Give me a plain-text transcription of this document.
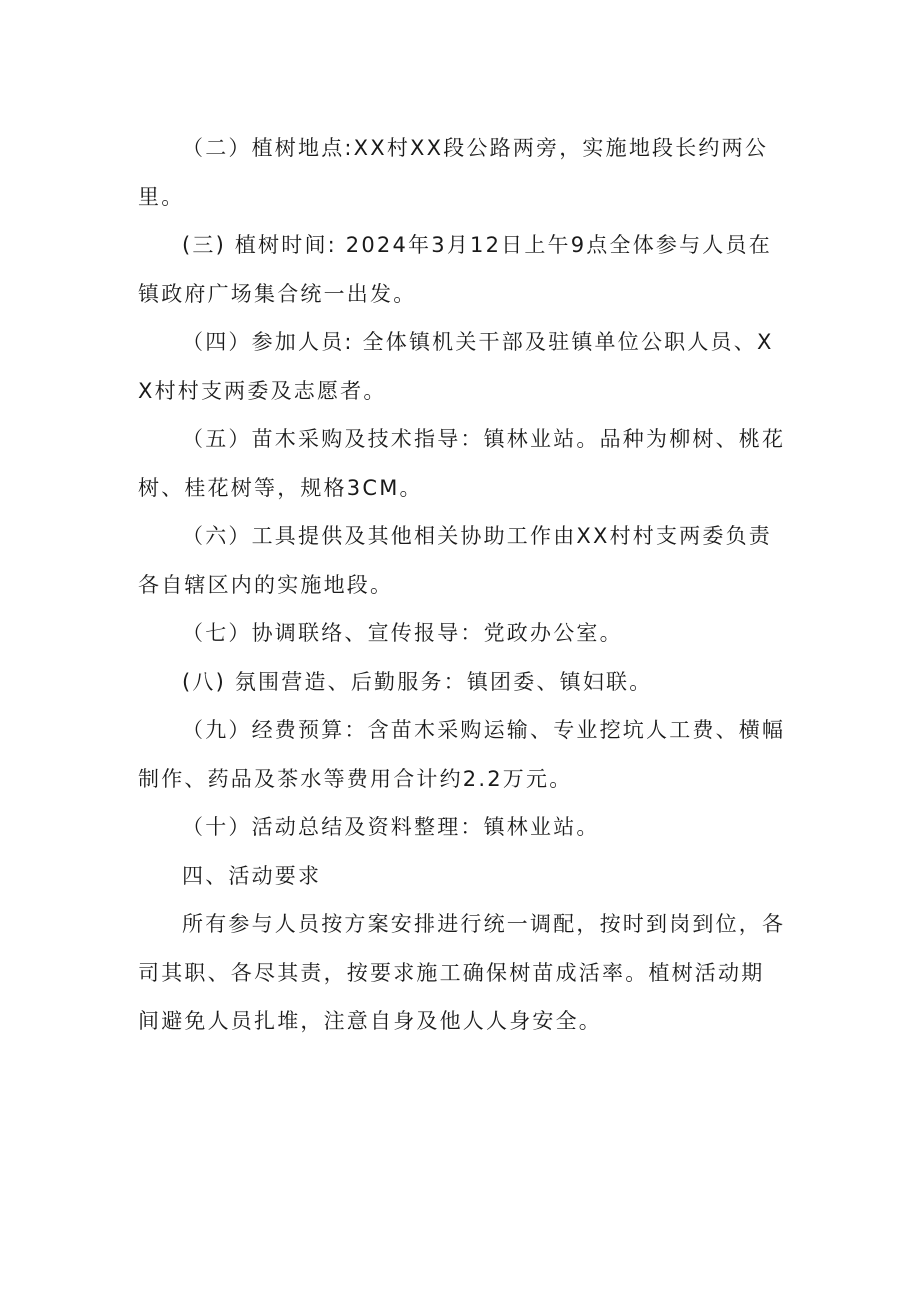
（二）植树地点:XX村XX段公路两旁，实施地段长约两公里。

(三) 植树时间: 2024年3月12日上午9点全体参与人员在镇政府广场集合统一出发。

（四）参加人员: 全体镇机关干部及驻镇单位公职人员、XX村村支两委及志愿者。

（五）苗木采购及技术指导：镇林业站。品种为柳树、桃花树、桂花树等，规格3CM。

（六）工具提供及其他相关协助工作由XX村村支两委负责各自辖区内的实施地段。

（七）协调联络、宣传报导：党政办公室。

(八) 氛围营造、后勤服务：镇团委、镇妇联。

（九）经费预算：含苗木采购运输、专业挖坑人工费、横幅制作、药品及茶水等费用合计约2.2万元。

（十）活动总结及资料整理：镇林业站。

四、活动要求

所有参与人员按方案安排进行统一调配，按时到岗到位，各司其职、各尽其责，按要求施工确保树苗成活率。植树活动期间避免人员扎堆，注意自身及他人人身安全。
